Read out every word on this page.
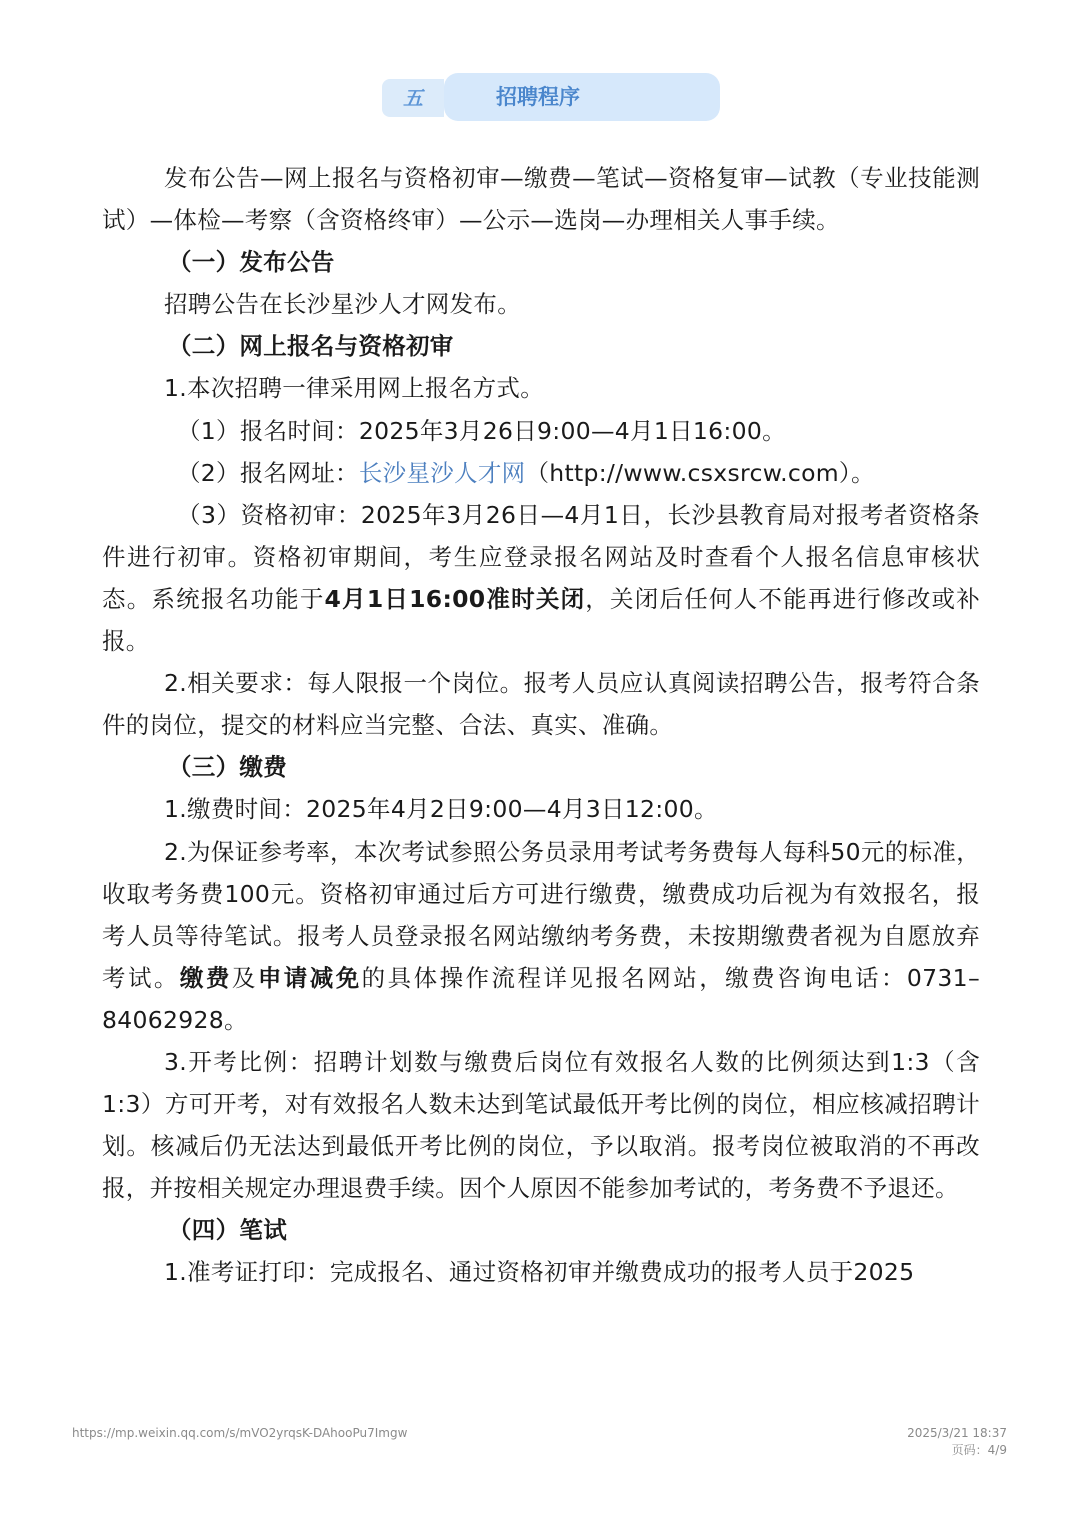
五	招聘程序

发布公告—网上报名与资格初审—缴费—笔试—资格复审—试教（专业技能测试）—体检—考察（含资格终审）—公示—选岗—办理相关人事手续。

（一）发布公告

招聘公告在长沙星沙人才网发布。

（二）网上报名与资格初审

1.本次招聘一律采用网上报名方式。

（1）报名时间：2025年3月26日9:00—4月1日16:00。

（2）报名网址：长沙星沙人才网（http://www.csxsrcw.com）。

（3）资格初审：2025年3月26日—4月1日，长沙县教育局对报考者资格条件进行初审。资格初审期间，考生应登录报名网站及时查看个人报名信息审核状态。系统报名功能于4月1日16:00准时关闭，关闭后任何人不能再进行修改或补报。

2.相关要求：每人限报一个岗位。报考人员应认真阅读招聘公告，报考符合条件的岗位，提交的材料应当完整、合法、真实、准确。

（三）缴费

1.缴费时间：2025年4月2日9:00—4月3日12:00。

2.为保证参考率，本次考试参照公务员录用考试考务费每人每科50元的标准，收取考务费100元。资格初审通过后方可进行缴费，缴费成功后视为有效报名，报考人员等待笔试。报考人员登录报名网站缴纳考务费，未按期缴费者视为自愿放弃考试。缴费及申请减免的具体操作流程详见报名网站，缴费咨询电话：0731–84062928。

3.开考比例：招聘计划数与缴费后岗位有效报名人数的比例须达到1:3（含1:3）方可开考，对有效报名人数未达到笔试最低开考比例的岗位，相应核减招聘计划。核减后仍无法达到最低开考比例的岗位，予以取消。报考岗位被取消的不再改报，并按相关规定办理退费手续。因个人原因不能参加考试的，考务费不予退还。

（四）笔试

1.准考证打印：完成报名、通过资格初审并缴费成功的报考人员于2025

https://mp.weixin.qq.com/s/mVO2yrqsK-DAhooPu7Imgw	2025/3/21 18:37
页码：4/9
